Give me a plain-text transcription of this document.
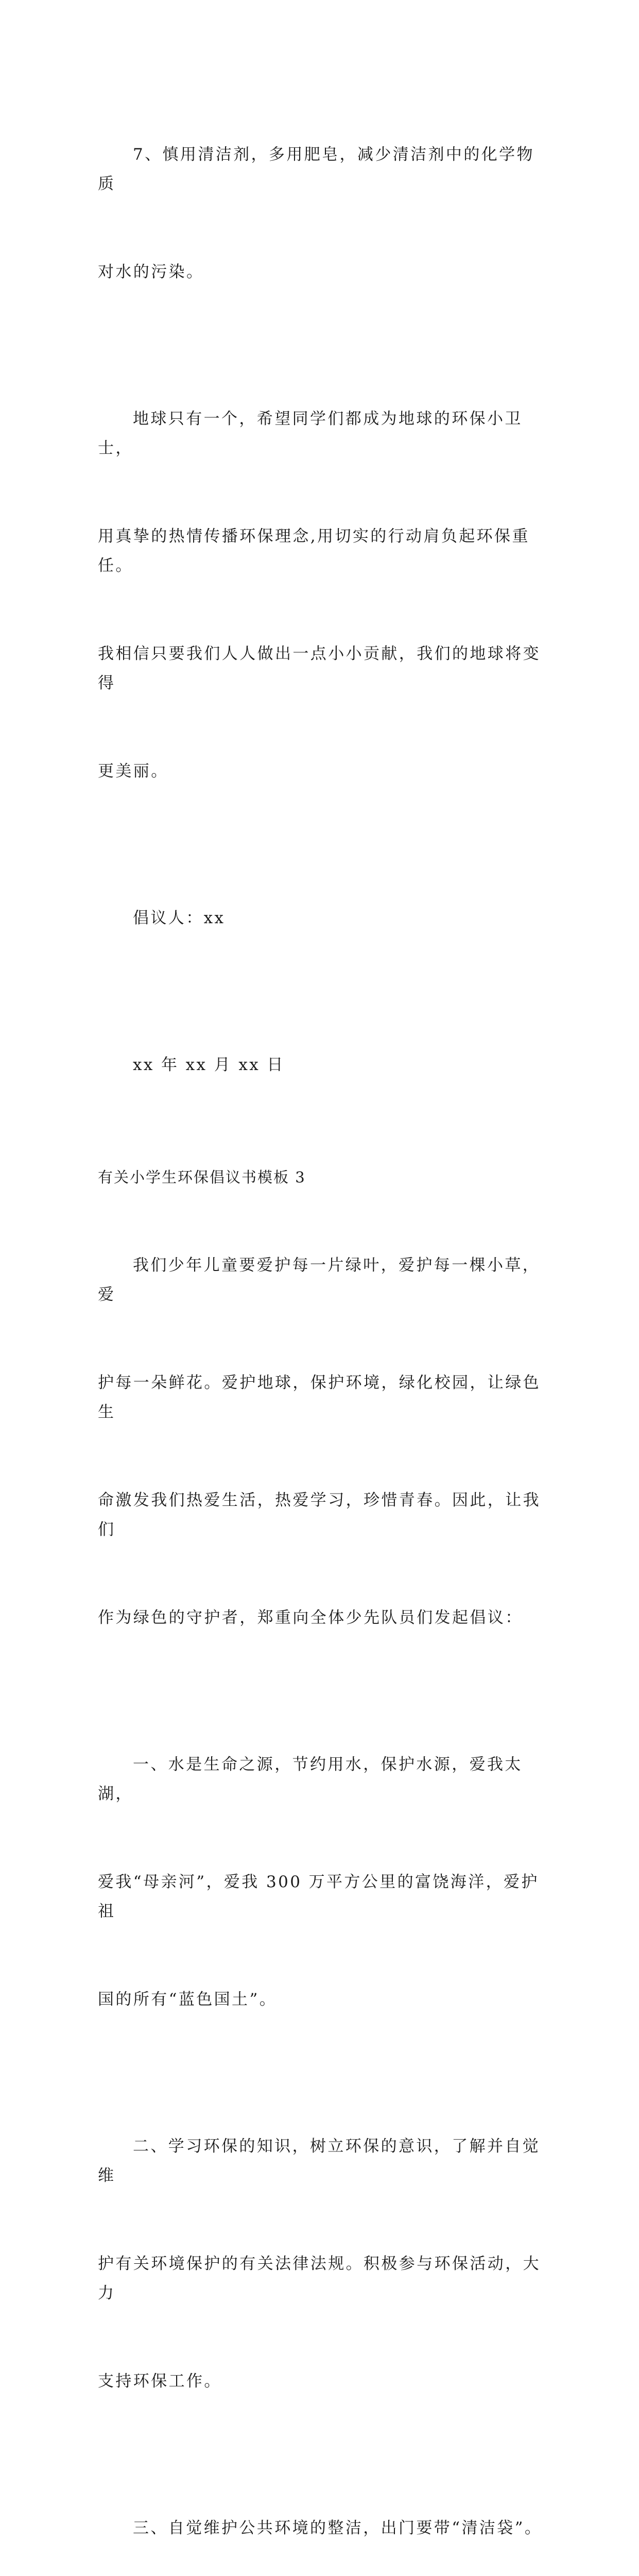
7、慎用清洁剂，多用肥皂，减少清洁剂中的化学物质

对水的污染。

地球只有一个，希望同学们都成为地球的环保小卫士，

用真挚的热情传播环保理念,用切实的行动肩负起环保重任。

我相信只要我们人人做出一点小小贡献，我们的地球将变得

更美丽。

倡议人：xx

xx 年 xx 月 xx 日

有关小学生环保倡议书模板 3

我们少年儿童要爱护每一片绿叶，爱护每一棵小草，爱

护每一朵鲜花。爱护地球，保护环境，绿化校园，让绿色生

命激发我们热爱生活，热爱学习，珍惜青春。因此，让我们

作为绿色的守护者，郑重向全体少先队员们发起倡议：

一、水是生命之源，节约用水，保护水源，爱我太湖，

爱我“母亲河”，爱我 300 万平方公里的富饶海洋，爱护祖

国的所有“蓝色国土”。

二、学习环保的知识，树立环保的意识，了解并自觉维

护有关环境保护的有关法律法规。积极参与环保活动，大力

支持环保工作。

三、自觉维护公共环境的整洁，出门要带“清洁袋”。
